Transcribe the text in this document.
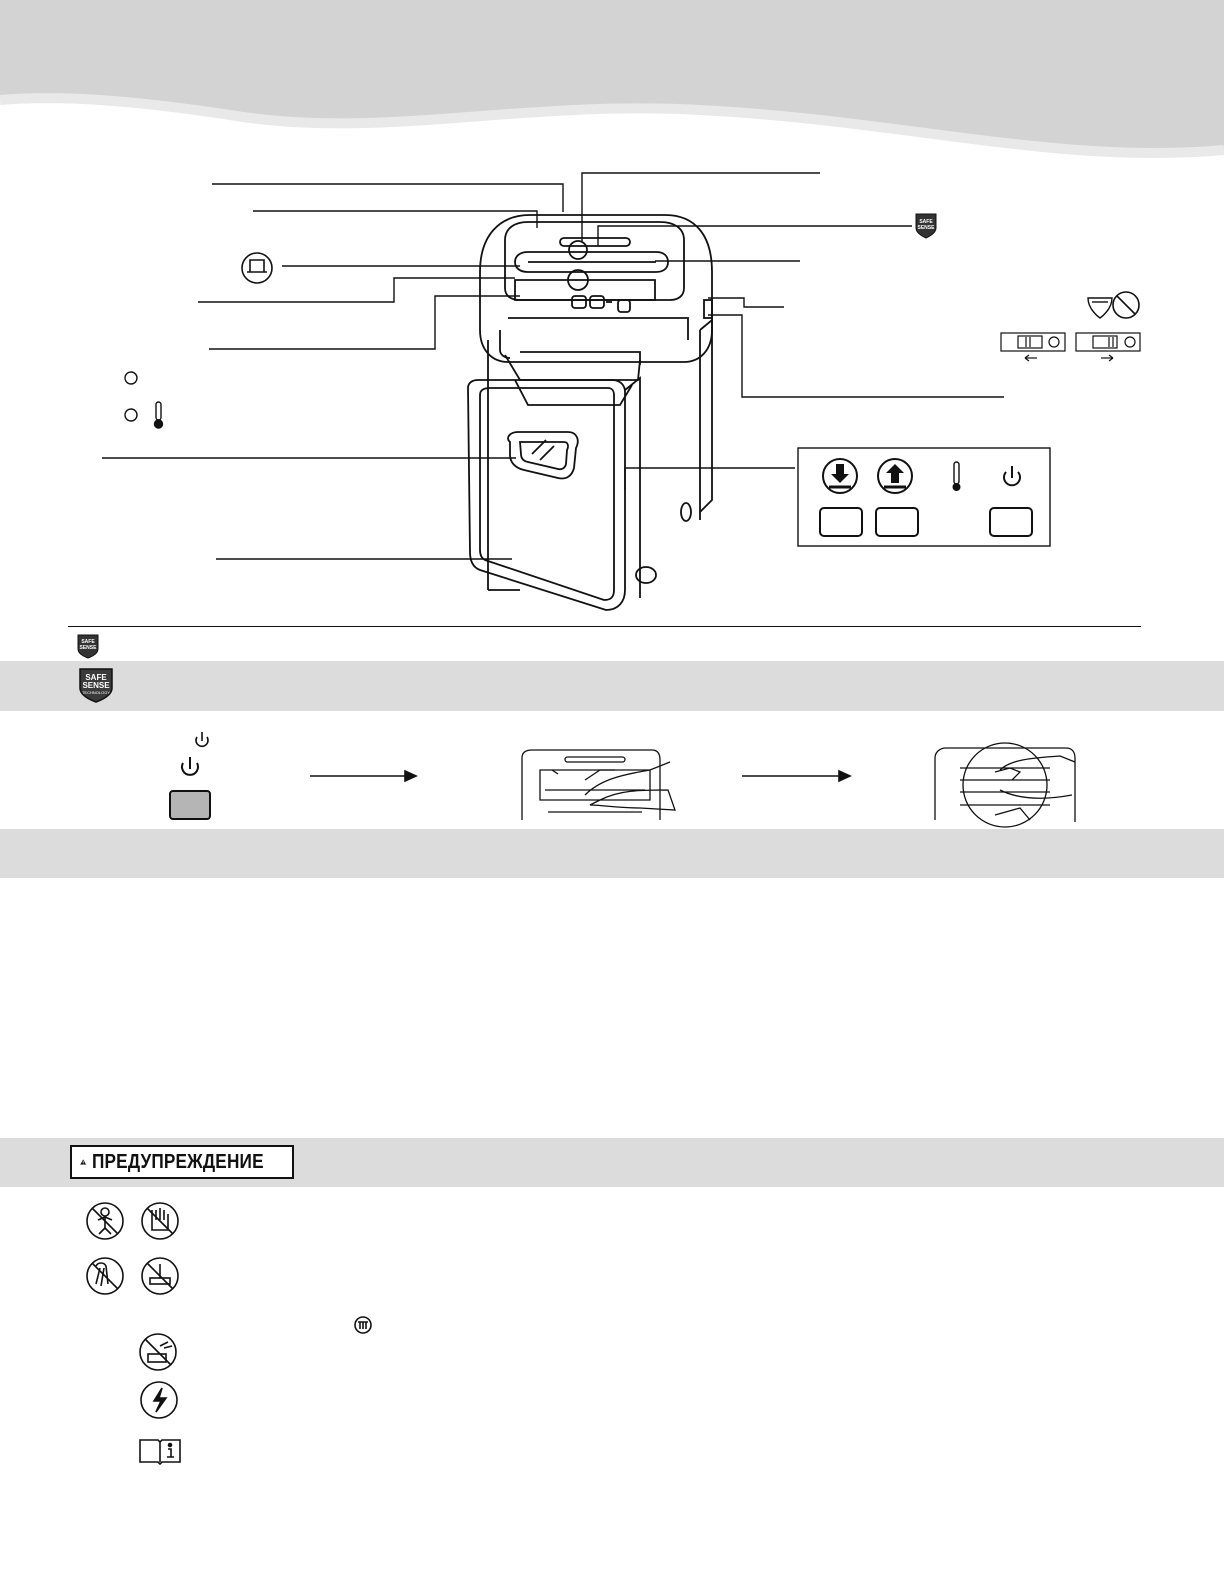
SAFE
SENSE
SAFE
SENSE
SAFE
SENSE
TECHNOLOGY
ПРЕДУПРЕЖДЕНИЕ
